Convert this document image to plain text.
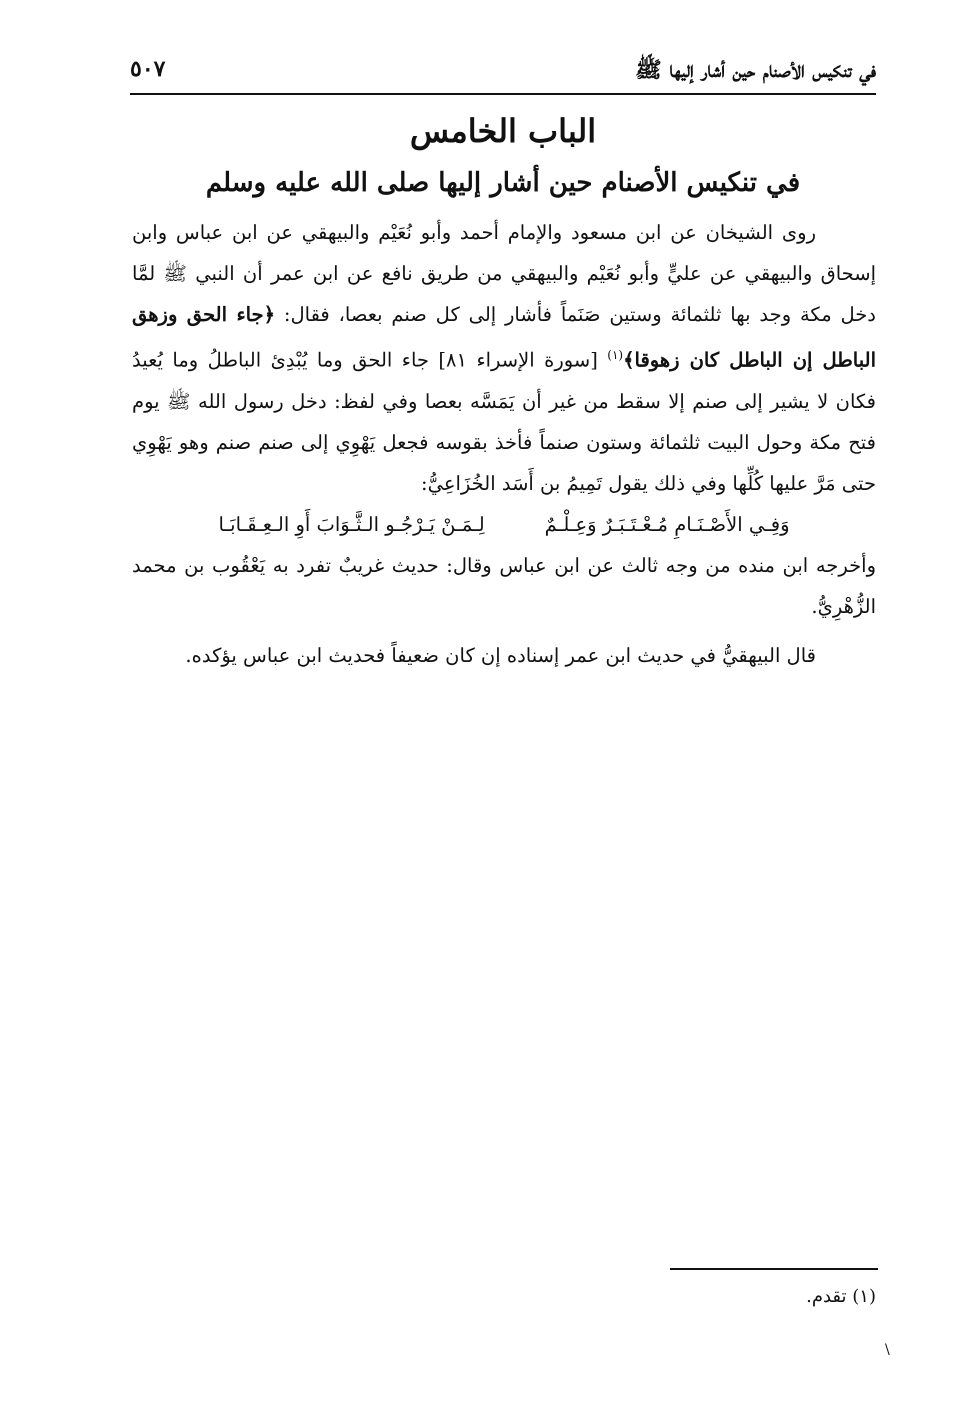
في تنكيس الأصنام حين أشار إليها ﷺ
٥٠٧
الباب الخامس
في تنكيس الأصنام حين أشار إليها صلى الله عليه وسلم

روى الشيخان عن ابن مسعود والإمام أحمد وأبو نُعَيْم والبيهقي عن ابن عباس وابن إسحاق والبيهقي عن عليٍّ وأبو نُعَيْم والبيهقي من طريق نافع عن ابن عمر أن النبي ﷺ لمَّا دخل مكة وجد بها ثلثمائة وستين صَنَماً فأشار إلى كل صنم بعصا، فقال: ﴿جاء الحق وزهق الباطل إن الباطل كان زهوقا﴾$^{(١)}$ [سورة الإسراء ٨١] جاء الحق وما يُبْدِئ الباطلُ وما يُعيدُ فكان لا يشير إلى صنم إلا سقط من غير أن يَمَسَّه بعصا وفي لفظ: دخل رسول الله ﷺ يوم فتح مكة وحول البيت ثلثمائة وستون صنماً فأخذ بقوسه فجعل يَهْوِي إلى صنم صنم وهو يَهْوِي حتى مَرَّ عليها كُلِّها وفي ذلك يقول تَمِيمُ بن أَسَد الخُزَاعِيُّ:

وَفِـي الأَصْـنَـامِ مُـعْـتَـبَـرٌ وَعِـلْـمٌ
لِـمَـنْ يَـرْجُـو الـثَّـوَابَ أَوِ الـعِـقَـابَـا

وأخرجه ابن منده من وجه ثالث عن ابن عباس وقال: حديث غريبٌ تفرد به يَعْقُوب بن محمد الزُّهْرِيُّ.

قال البيهقيُّ في حديث ابن عمر إسناده إن كان ضعيفاً فحديث ابن عباس يؤكده.

(١) تقدم.
\
